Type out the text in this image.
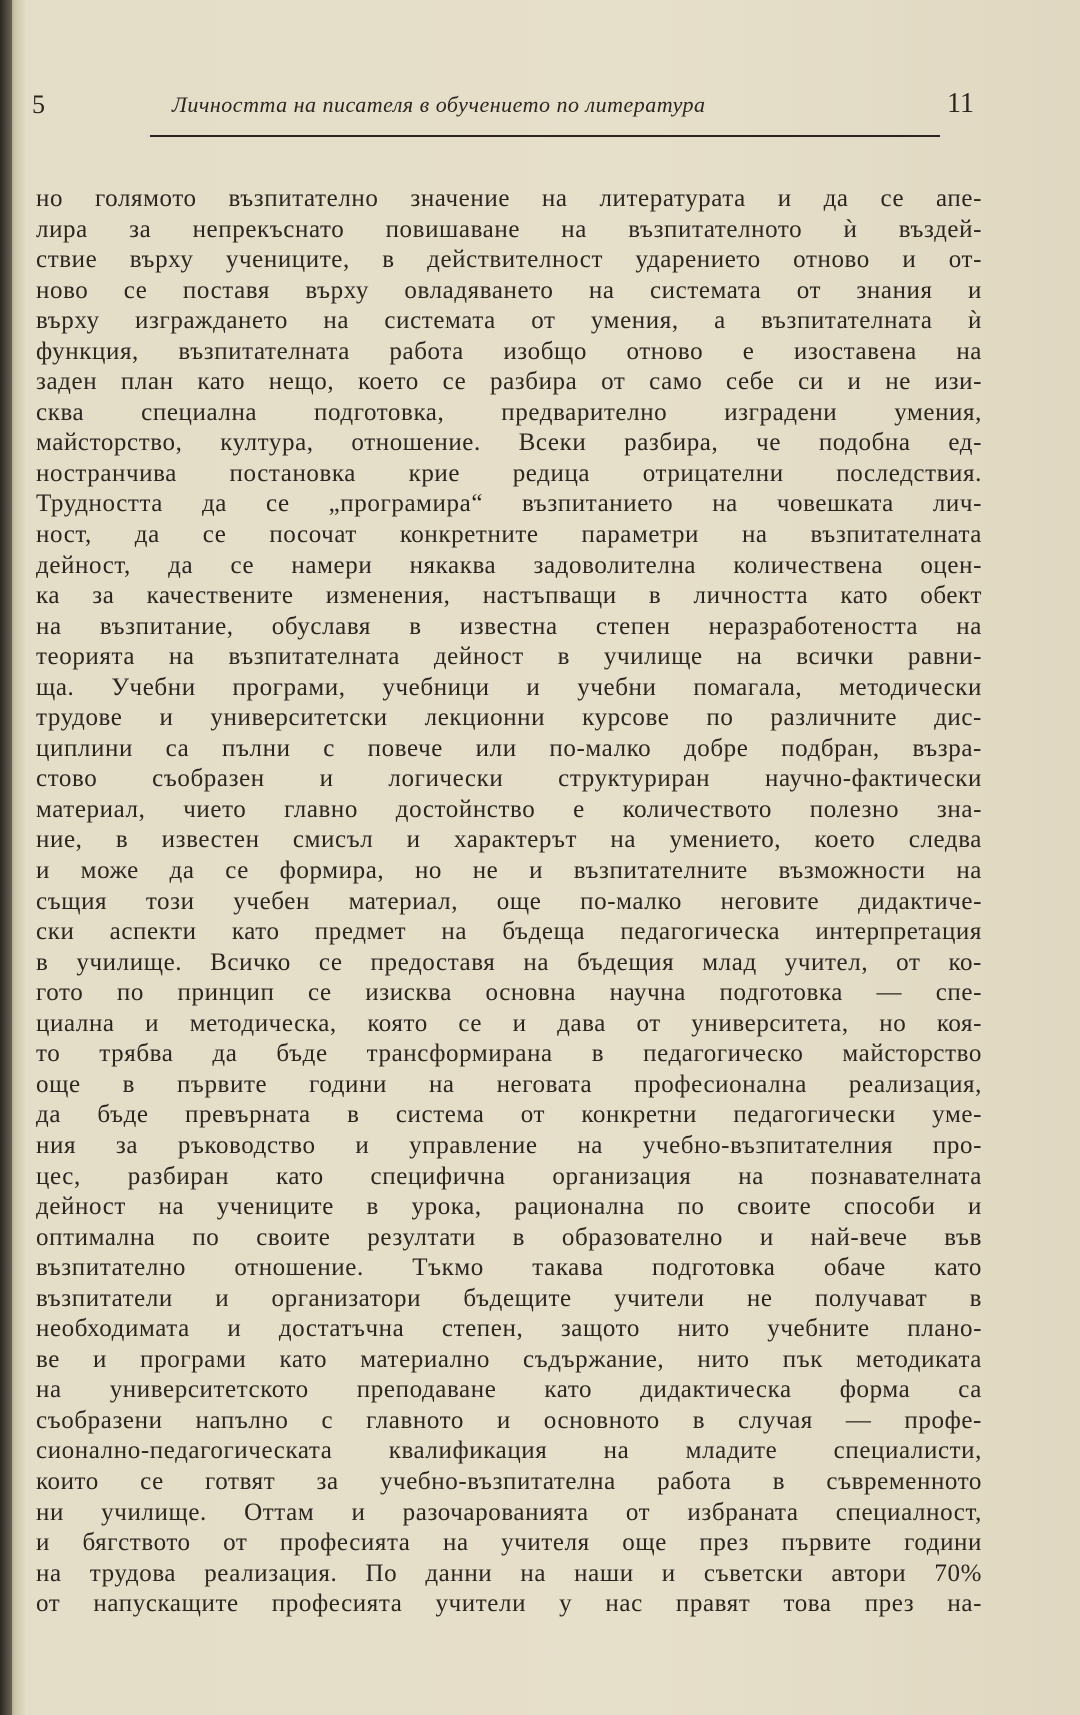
5	Личността на писателя в обучението по литература	11
но голямото възпитателно значение на литературата и да се апе-
лира за непрекъснато повишаване на възпитателното ѝ въздей-
ствие върху учениците, в действителност ударението отново и от-
ново се поставя върху овладяването на системата от знания и
върху изграждането на системата от умения, а възпитателната ѝ
функция, възпитателната работа изобщо отново е изоставена на
заден план като нещо, което се разбира от само себе си и не изи-
сква специална подготовка, предварително изградени умения,
майсторство, култура, отношение. Всеки разбира, че подобна ед-
ностранчива постановка крие редица отрицателни последствия.
Трудността да се „програмира“ възпитанието на човешката лич-
ност, да се посочат конкретните параметри на възпитателната
дейност, да се намери някаква задоволителна количествена оцен-
ка за качествените изменения, настъпващи в личността като обект
на възпитание, обуславя в известна степен неразработеността на
теорията на възпитателната дейност в училище на всички равни-
ща. Учебни програми, учебници и учебни помагала, методически
трудове и университетски лекционни курсове по различните дис-
циплини са пълни с повече или по-малко добре подбран, възра-
стово съобразен и логически структуриран научно-фактически
материал, чието главно достойнство е количеството полезно зна-
ние, в известен смисъл и характерът на умението, което следва
и може да се формира, но не и възпитателните възможности на
същия този учебен материал, още по-малко неговите дидактиче-
ски аспекти като предмет на бъдеща педагогическа интерпретация
в училище. Всичко се предоставя на бъдещия млад учител, от ко-
гото по принцип се изисква основна научна подготовка — спе-
циална и методическа, която се и дава от университета, но коя-
то трябва да бъде трансформирана в педагогическо майсторство
още в първите години на неговата професионална реализация,
да бъде превърната в система от конкретни педагогически уме-
ния за ръководство и управление на учебно-възпитателния про-
цес, разбиран като специфична организация на познавателната
дейност на учениците в урока, рационална по своите способи и
оптимална по своите резултати в образователно и най-вече във
възпитателно отношение. Тъкмо такава подготовка обаче като
възпитатели и организатори бъдещите учители не получават в
необходимата и достатъчна степен, защото нито учебните плано-
ве и програми като материално съдържание, нито пък методиката
на университетското преподаване като дидактическа форма са
съобразени напълно с главното и основното в случая — профе-
сионално-педагогическата квалификация на младите специалисти,
които се готвят за учебно-възпитателна работа в съвременното
ни училище. Оттам и разочарованията от избраната специалност,
и бягството от професията на учителя още през първите години
на трудова реализация. По данни на наши и съветски автори 70%
от напускащите професията учители у нас правят това през на-
